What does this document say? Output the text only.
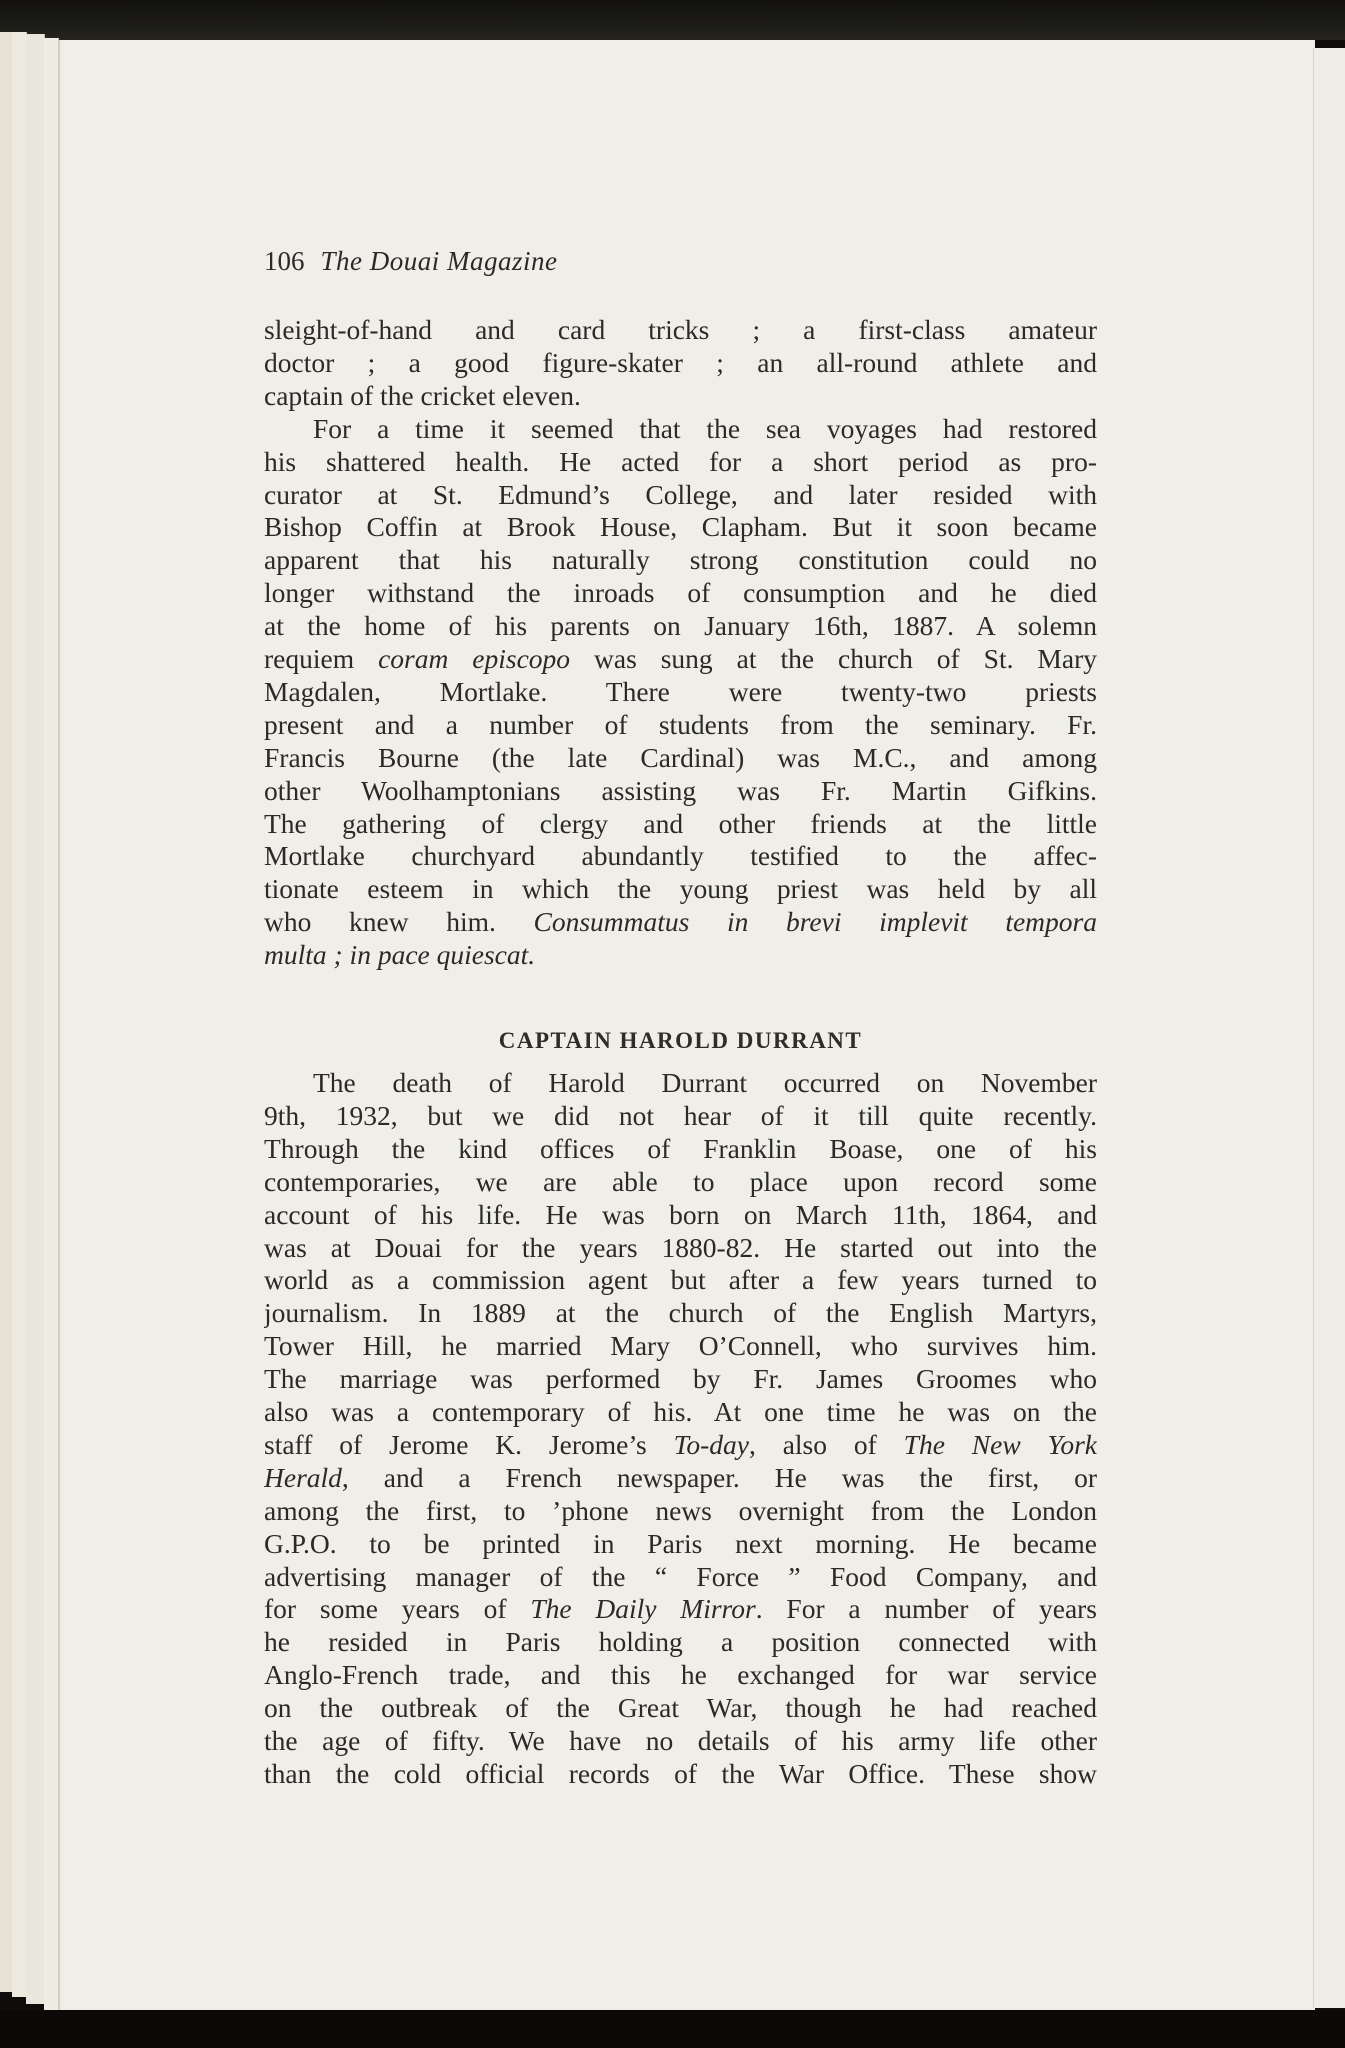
106 The Douai Magazine
CAPTAIN HAROLD DURRANT
sleight-of-hand and card tricks ; a first-class amateur
doctor ; a good figure-skater ; an all-round athlete and
captain of the cricket eleven.
For a time it seemed that the sea voyages had restored
his shattered health. He acted for a short period as pro-
curator at St. Edmund’s College, and later resided with
Bishop Coffin at Brook House, Clapham. But it soon became
apparent that his naturally strong constitution could no
longer withstand the inroads of consumption and he died
at the home of his parents on January 16th, 1887. A solemn
requiem coram episcopo was sung at the church of St. Mary
Magdalen, Mortlake. There were twenty-two priests
present and a number of students from the seminary. Fr.
Francis Bourne (the late Cardinal) was M.C., and among
other Woolhamptonians assisting was Fr. Martin Gifkins.
The gathering of clergy and other friends at the little
Mortlake churchyard abundantly testified to the affec-
tionate esteem in which the young priest was held by all
who knew him. Consummatus in brevi implevit tempora
multa ; in pace quiescat.
The death of Harold Durrant occurred on November
9th, 1932, but we did not hear of it till quite recently.
Through the kind offices of Franklin Boase, one of his
contemporaries, we are able to place upon record some
account of his life. He was born on March 11th, 1864, and
was at Douai for the years 1880-82. He started out into the
world as a commission agent but after a few years turned to
journalism. In 1889 at the church of the English Martyrs,
Tower Hill, he married Mary O’Connell, who survives him.
The marriage was performed by Fr. James Groomes who
also was a contemporary of his. At one time he was on the
staff of Jerome K. Jerome’s To-day, also of The New York
Herald, and a French newspaper. He was the first, or
among the first, to ’phone news overnight from the London
G.P.O. to be printed in Paris next morning. He became
advertising manager of the “ Force ” Food Company, and
for some years of The Daily Mirror. For a number of years
he resided in Paris holding a position connected with
Anglo-French trade, and this he exchanged for war service
on the outbreak of the Great War, though he had reached
the age of fifty. We have no details of his army life other
than the cold official records of the War Office. These show
